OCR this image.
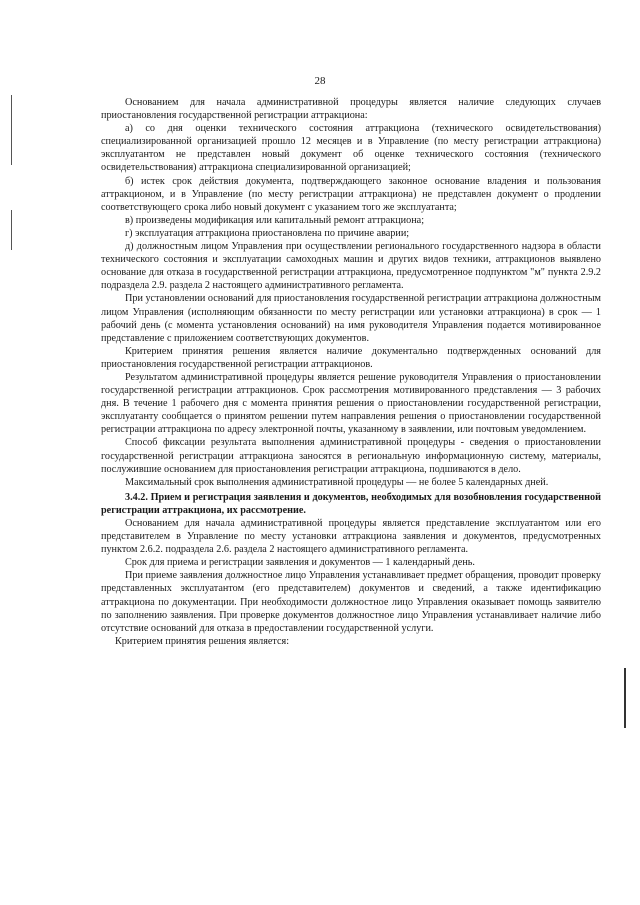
28

Основанием для начала административной процедуры является наличие следующих случаев приостановления государственной регистрации аттракциона:

а) со дня оценки технического состояния аттракциона (технического освидетельствования) специализированной организацией прошло 12 месяцев и в Управление (по месту регистрации аттракциона) эксплуатантом не представлен новый документ об оценке технического состояния (технического освидетельствования) аттракциона специализированной организацией;

б) истек срок действия документа, подтверждающего законное основание владения и пользования аттракционом, и в Управление (по месту регистрации аттракциона) не представлен документ о продлении соответствующего срока либо новый документ с указанием того же эксплуатанта;

в) произведены модификация или капитальный ремонт аттракциона;

г) эксплуатация аттракциона приостановлена по причине аварии;

д) должностным лицом Управления при осуществлении регионального государственного надзора в области технического состояния и эксплуатации самоходных машин и других видов техники, аттракционов выявлено основание для отказа в государственной регистрации аттракциона, предусмотренное подпунктом "м" пункта 2.9.2 подраздела 2.9. раздела 2 настоящего административного регламента.

При установлении оснований для приостановления государственной регистрации аттракциона должностным лицом Управления (исполняющим обязанности по месту регистрации или установки аттракциона) в срок — 1 рабочий день (с момента установления оснований) на имя руководителя Управления подается мотивированное представление с приложением соответствующих документов.

Критерием принятия решения является наличие документально подтвержденных оснований для приостановления государственной регистрации аттракционов.

Результатом административной процедуры является решение руководителя Управления о приостановлении государственной регистрации аттракционов. Срок рассмотрения мотивированного представления — 3 рабочих дня. В течение 1 рабочего дня с момента принятия решения о приостановлении государственной регистрации, эксплуатанту сообщается о принятом решении путем направления решения о приостановлении государственной регистрации аттракциона по адресу электронной почты, указанному в заявлении, или почтовым уведомлением.

Способ фиксации результата выполнения административной процедуры - сведения о приостановлении государственной регистрации аттракциона заносятся в региональную информационную систему, материалы, послужившие основанием для приостановления регистрации аттракциона, подшиваются в дело.

Максимальный срок выполнения административной процедуры — не более 5 календарных дней.

3.4.2. Прием и регистрация заявления и документов, необходимых для возобновления государственной регистрации аттракциона, их рассмотрение.

Основанием для начала административной процедуры является представление эксплуатантом или его представителем в Управление по месту установки аттракциона заявления и документов, предусмотренных пунктом 2.6.2. подраздела 2.6. раздела 2 настоящего административного регламента.

Срок для приема и регистрации заявления и документов — 1 календарный день.

При приеме заявления должностное лицо Управления устанавливает предмет обращения, проводит проверку представленных эксплуатантом (его представителем) документов и сведений, а также идентификацию аттракциона по документации. При необходимости должностное лицо Управления оказывает помощь заявителю по заполнению заявления. При проверке документов должностное лицо Управления устанавливает наличие либо отсутствие оснований для отказа в предоставлении государственной услуги.

Критерием принятия решения является:
